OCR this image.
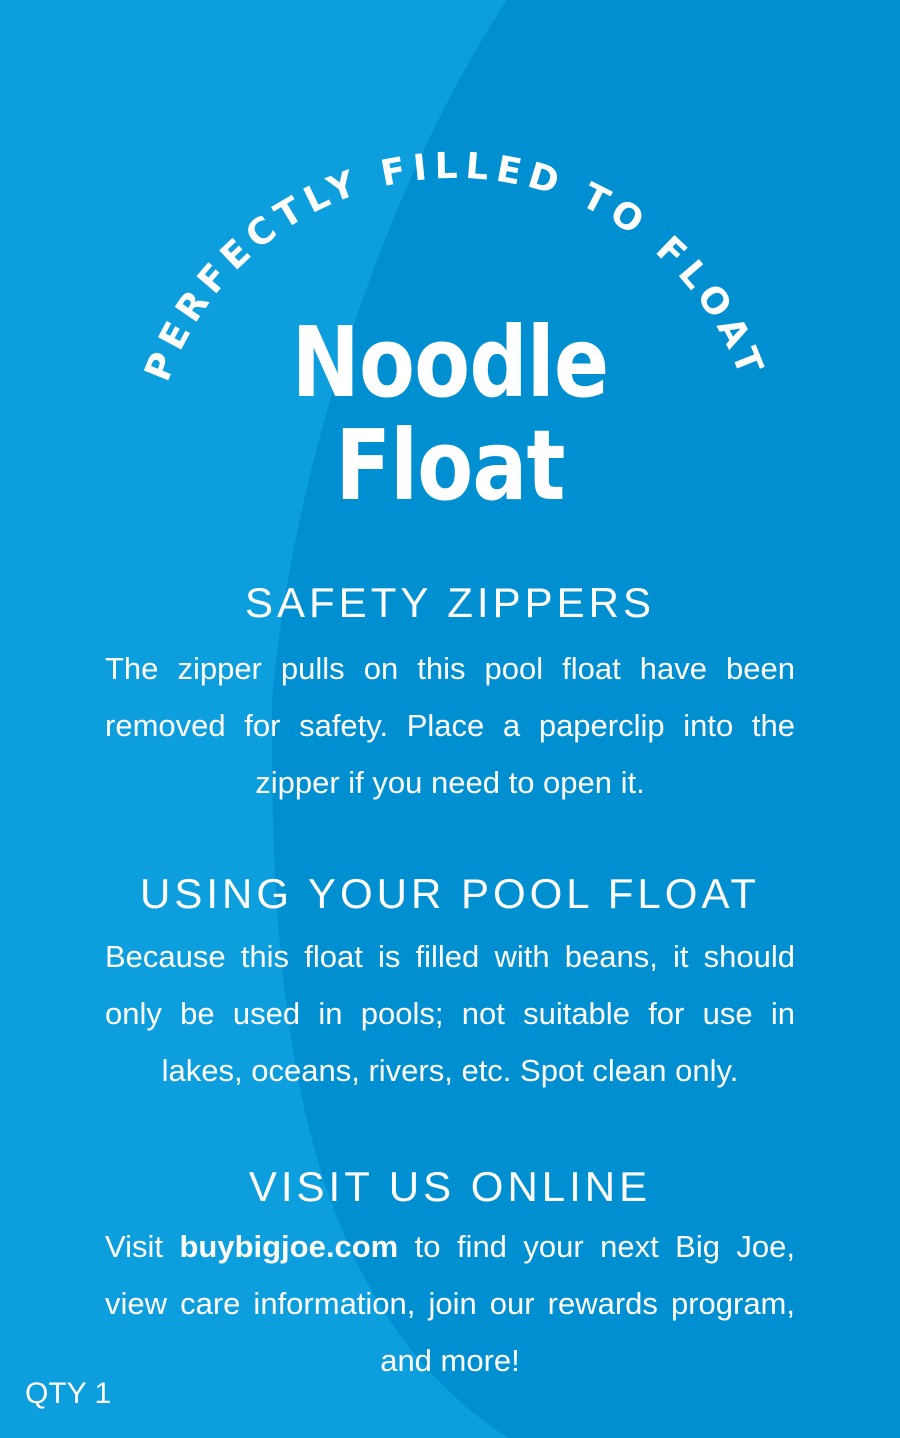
PERFECTLY FILLED TO FLOAT
Noodle
Float
SAFETY ZIPPERS

The zipper pulls on this pool float have been removed for safety. Place a paperclip into the zipper if you need to open it.

USING YOUR POOL FLOAT

Because this float is filled with beans, it should only be used in pools; not suitable for use in lakes, oceans, rivers, etc. Spot clean only.

VISIT US ONLINE

Visit buybigjoe.com to find your next Big Joe, view care information, join our rewards program, and more!

QTY 1
